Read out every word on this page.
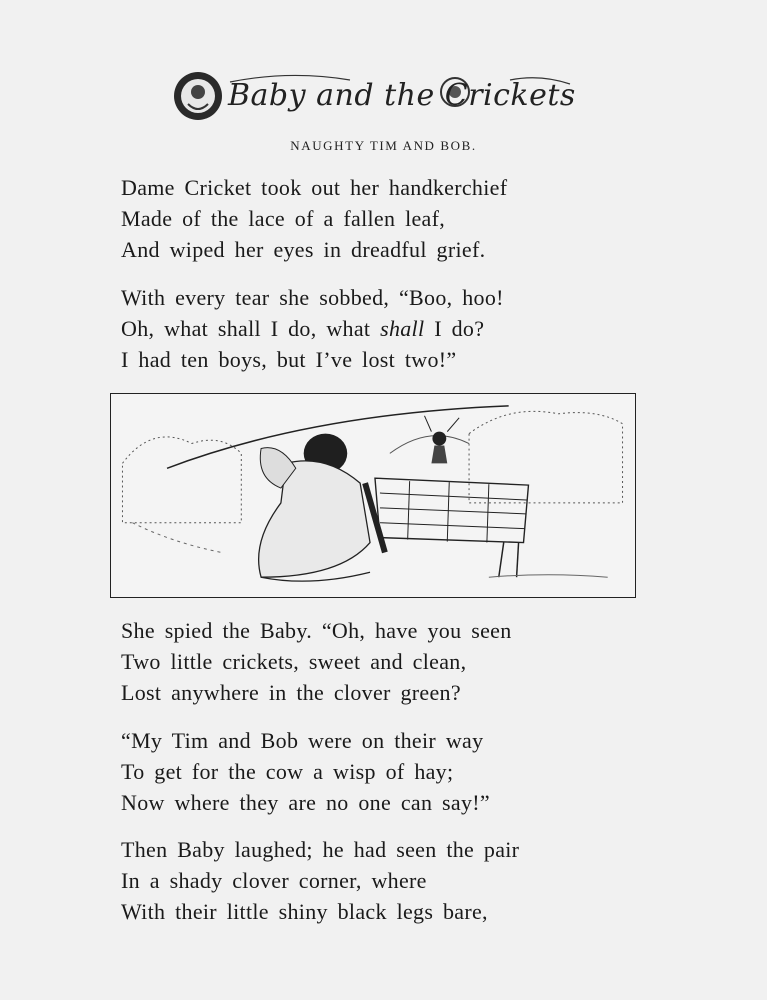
Baby and the Crickets
NAUGHTY TIM AND BOB.
Dame Cricket took out her handkerchief
Made of the lace of a fallen leaf,
And wiped her eyes in dreadful grief.
With every tear she sobbed, “Boo, hoo!
Oh, what shall I do, what shall I do?
I had ten boys, but I’ve lost two!”
She spied the Baby. “Oh, have you seen
Two little crickets, sweet and clean,
Lost anywhere in the clover green?
“My Tim and Bob were on their way
To get for the cow a wisp of hay;
Now where they are no one can say!”
Then Baby laughed; he had seen the pair
In a shady clover corner, where
With their little shiny black legs bare,
